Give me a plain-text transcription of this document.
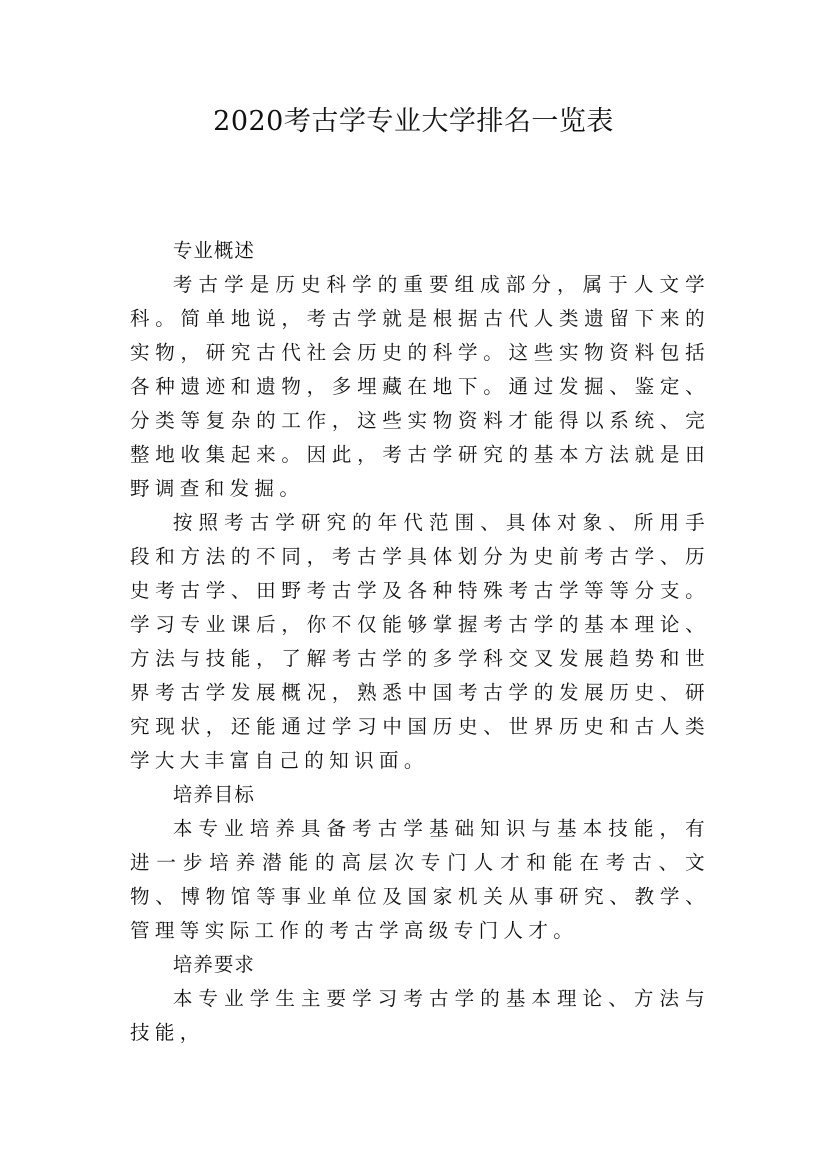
2020考古学专业大学排名一览表

专业概述

考古学是历史科学的重要组成部分，属于人文学科。简单地说，考古学就是根据古代人类遗留下来的实物，研究古代社会历史的科学。这些实物资料包括各种遗迹和遗物，多埋藏在地下。通过发掘、鉴定、分类等复杂的工作，这些实物资料才能得以系统、完整地收集起来。因此，考古学研究的基本方法就是田野调查和发掘。

按照考古学研究的年代范围、具体对象、所用手段和方法的不同，考古学具体划分为史前考古学、历史考古学、田野考古学及各种特殊考古学等等分支。学习专业课后，你不仅能够掌握考古学的基本理论、方法与技能，了解考古学的多学科交叉发展趋势和世界考古学发展概况，熟悉中国考古学的发展历史、研究现状，还能通过学习中国历史、世界历史和古人类学大大丰富自己的知识面。

培养目标

本专业培养具备考古学基础知识与基本技能，有进一步培养潜能的高层次专门人才和能在考古、文物、博物馆等事业单位及国家机关从事研究、教学、管理等实际工作的考古学高级专门人才。

培养要求

本专业学生主要学习考古学的基本理论、方法与技能，
